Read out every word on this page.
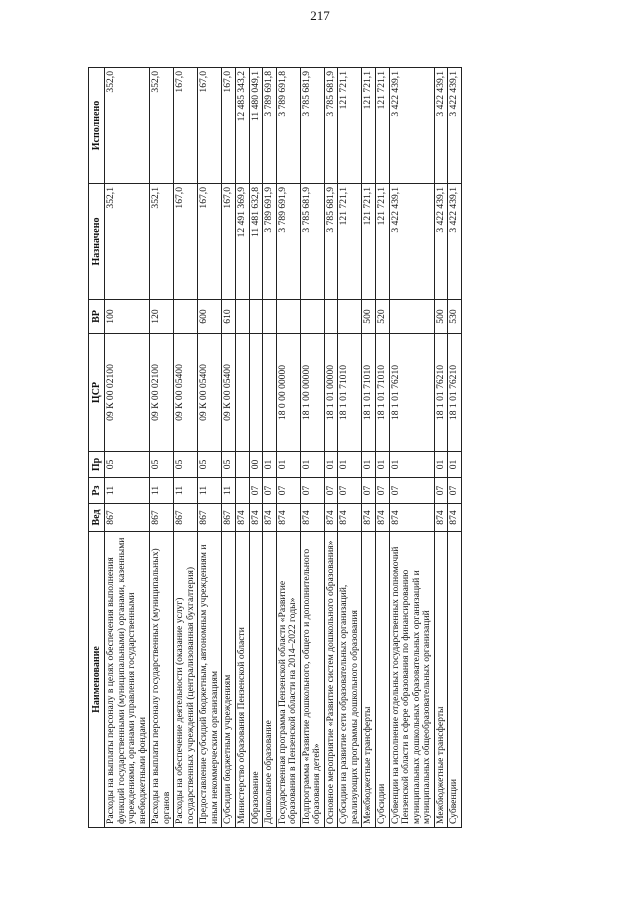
217
Наименование	Вед	Рз	Пр	ЦСР	ВР	Назначено	Исполнено
Расходы на выплаты персоналу в целях обеспечения выполнения функций государственными (муниципальными) органами, казенными учреждениями, органами управления государственными внебюджетными фондами	867	11	05	09 К 00 02100	100	352,1	352,0
Расходы на выплаты персоналу государственных (муниципальных) органов	867	11	05	09 К 00 02100	120	352,1	352,0
Расходы на обеспечение деятельности (оказание услуг) государственных учреждений (централизованная бухгалтерия)	867	11	05	09 К 00 05400		167,0	167,0
Предоставление субсидий бюджетным, автономным учреждениям и иным некоммерческим организациям	867	11	05	09 К 00 05400	600	167,0	167,0
Субсидии бюджетным учреждениям	867	11	05	09 К 00 05400	610	167,0	167,0
Министерство образования Пензенской области	874					12 491 369,9	12 485 343,2
Образование	874	07	00			11 481 632,8	11 480 049,1
Дошкольное образование	874	07	01			3 789 691,9	3 789 691,8
Государственная программа Пензенской области «Развитие образования в Пензенской области на 2014–2022 годы»	874	07	01	18 0 00 00000		3 789 691,9	3 789 691,8
Подпрограмма «Развитие дошкольного, общего и дополнительного образования детей»	874	07	01	18 1 00 00000		3 785 681,9	3 785 681,9
Основное мероприятие «Развитие систем дошкольного образования»	874	07	01	18 1 01 00000		3 785 681,9	3 785 681,9
Субсидии на развитие сети образовательных организаций, реализующих программы дошкольного образования	874	07	01	18 1 01 71010		121 721,1	121 721,1
Межбюджетные трансферты	874	07	01	18 1 01 71010	500	121 721,1	121 721,1
Субсидии	874	07	01	18 1 01 71010	520	121 721,1	121 721,1
Субвенции на исполнение отдельных государственных полномочий Пензенской области в сфере образования по финансированию муниципальных дошкольных образовательных организаций и муниципальных общеобразовательных организаций	874	07	01	18 1 01 76210		3 422 439,1	3 422 439,1
Межбюджетные трансферты	874	07	01	18 1 01 76210	500	3 422 439,1	3 422 439,1
Субвенции	874	07	01	18 1 01 76210	530	3 422 439,1	3 422 439,1
